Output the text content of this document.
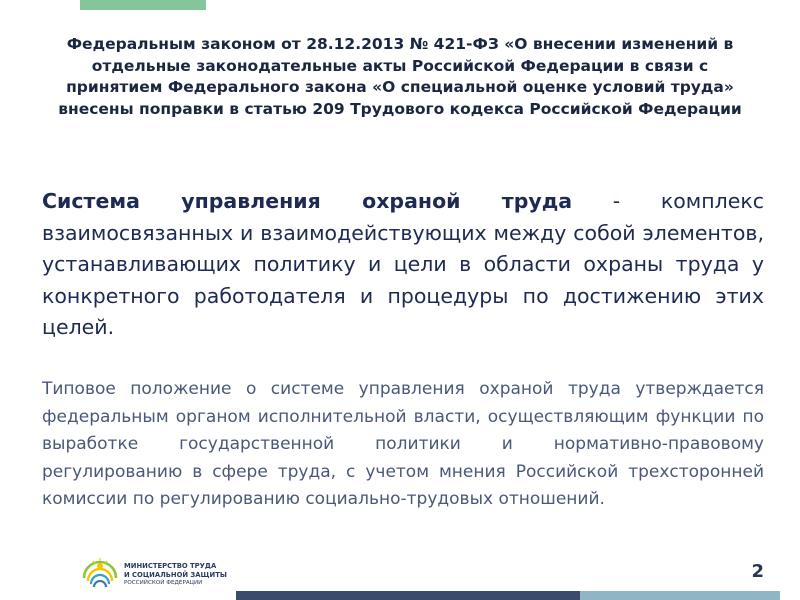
Федеральным законом от 28.12.2013 № 421-ФЗ «О внесении изменений в
отдельные законодательные акты Российской Федерации в связи с
принятием Федерального закона «О специальной оценке условий труда»
внесены поправки в статью 209 Трудового кодекса Российской Федерации

Система управления охраной труда - комплекс взаимосвязанных и взаимодействующих между собой элементов, устанавливающих политику и цели в области охраны труда у конкретного работодателя и процедуры по достижению этих целей.

Типовое положение о системе управления охраной труда утверждается федеральным органом исполнительной власти, осуществляющим функции по выработке государственной политики и нормативно-правовому регулированию в сфере труда, с учетом мнения Российской трехсторонней комиссии по регулированию социально-трудовых отношений.

МИНИСТЕРСТВО ТРУДА
И СОЦИАЛЬНОЙ ЗАЩИТЫ
РОССИЙСКОЙ ФЕДЕРАЦИИ
2
